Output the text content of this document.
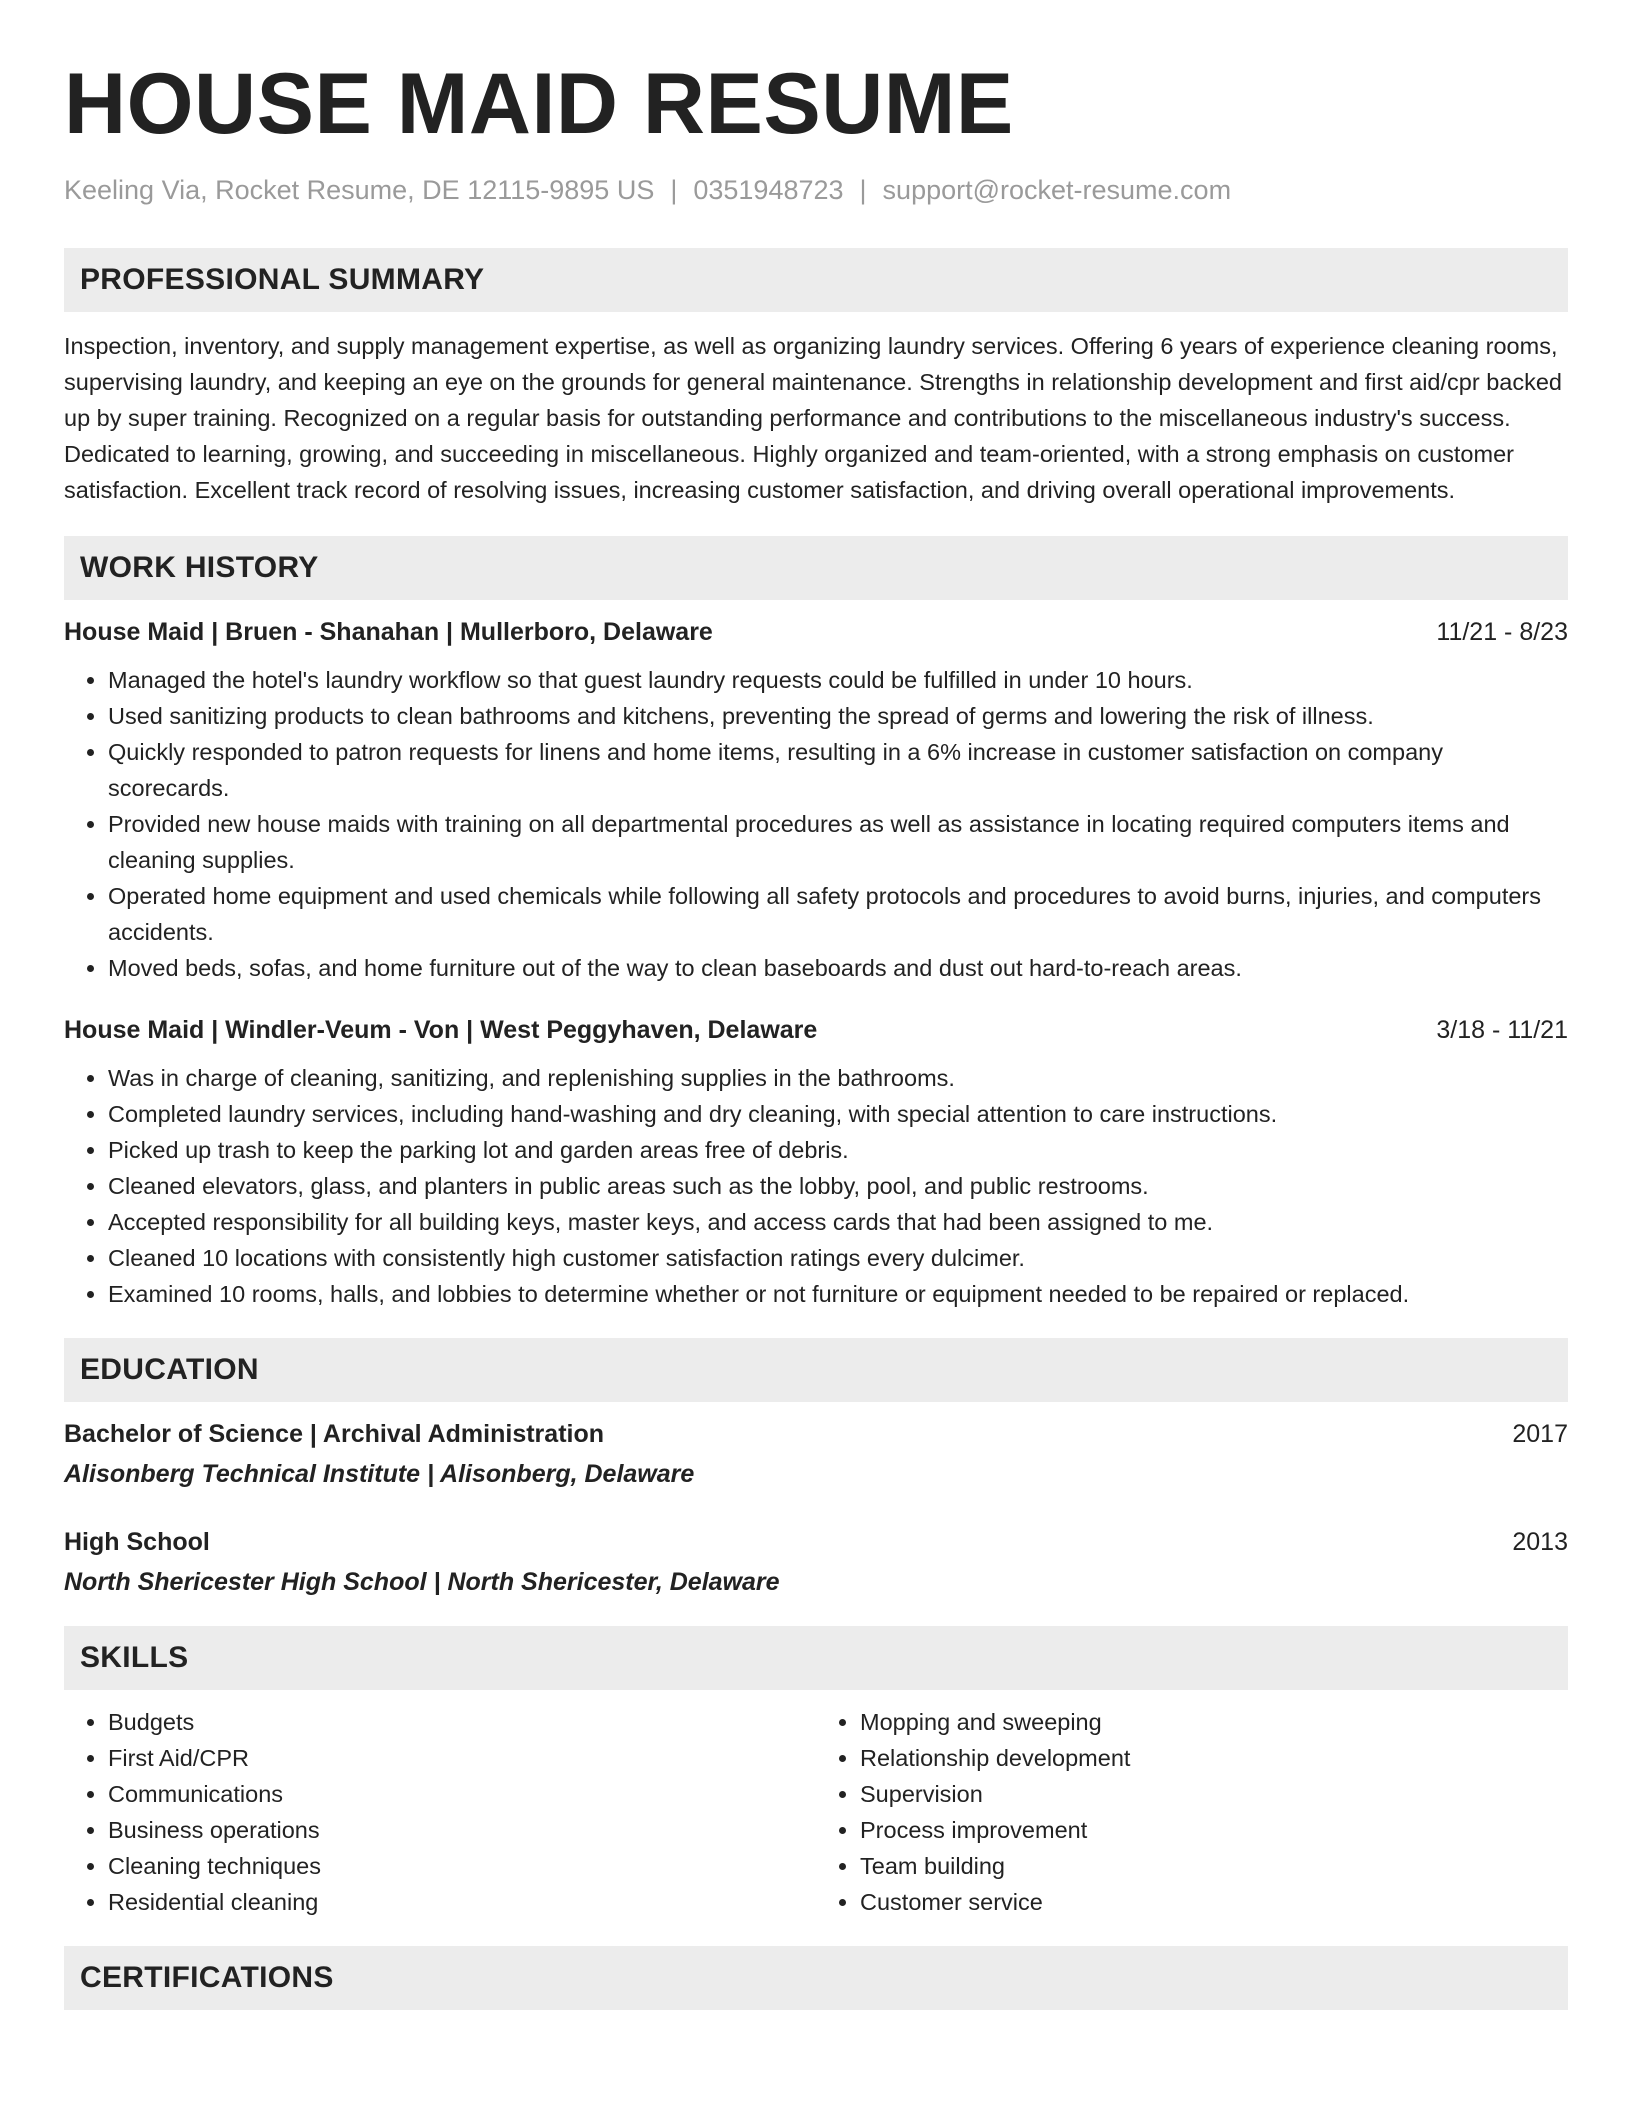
HOUSE MAID RESUME
Keeling Via, Rocket Resume, DE 12115-9895 US | 0351948723 | support@rocket-resume.com
PROFESSIONAL SUMMARY

Inspection, inventory, and supply management expertise, as well as organizing laundry services. Offering 6 years of experience cleaning rooms, supervising laundry, and keeping an eye on the grounds for general maintenance. Strengths in relationship development and first aid/cpr backed up by super training. Recognized on a regular basis for outstanding performance and contributions to the miscellaneous industry's success. Dedicated to learning, growing, and succeeding in miscellaneous. Highly organized and team-oriented, with a strong emphasis on customer satisfaction. Excellent track record of resolving issues, increasing customer satisfaction, and driving overall operational improvements.

WORK HISTORY
House Maid | Bruen - Shanahan | Mullerboro, Delaware	11/21 - 8/23
• Managed the hotel's laundry workflow so that guest laundry requests could be fulfilled in under 10 hours.
• Used sanitizing products to clean bathrooms and kitchens, preventing the spread of germs and lowering the risk of illness.
• Quickly responded to patron requests for linens and home items, resulting in a 6% increase in customer satisfaction on company scorecards.
• Provided new house maids with training on all departmental procedures as well as assistance in locating required computers items and cleaning supplies.
• Operated home equipment and used chemicals while following all safety protocols and procedures to avoid burns, injuries, and computers accidents.
• Moved beds, sofas, and home furniture out of the way to clean baseboards and dust out hard-to-reach areas.
House Maid | Windler-Veum - Von | West Peggyhaven, Delaware	3/18 - 11/21
• Was in charge of cleaning, sanitizing, and replenishing supplies in the bathrooms.
• Completed laundry services, including hand-washing and dry cleaning, with special attention to care instructions.
• Picked up trash to keep the parking lot and garden areas free of debris.
• Cleaned elevators, glass, and planters in public areas such as the lobby, pool, and public restrooms.
• Accepted responsibility for all building keys, master keys, and access cards that had been assigned to me.
• Cleaned 10 locations with consistently high customer satisfaction ratings every dulcimer.
• Examined 10 rooms, halls, and lobbies to determine whether or not furniture or equipment needed to be repaired or replaced.
EDUCATION
Bachelor of Science | Archival Administration	2017
Alisonberg Technical Institute | Alisonberg, Delaware
High School	2013
North Shericester High School | North Shericester, Delaware
SKILLS
• Budgets
• First Aid/CPR
• Communications
• Business operations
• Cleaning techniques
• Residential cleaning
• Mopping and sweeping
• Relationship development
• Supervision
• Process improvement
• Team building
• Customer service
CERTIFICATIONS
